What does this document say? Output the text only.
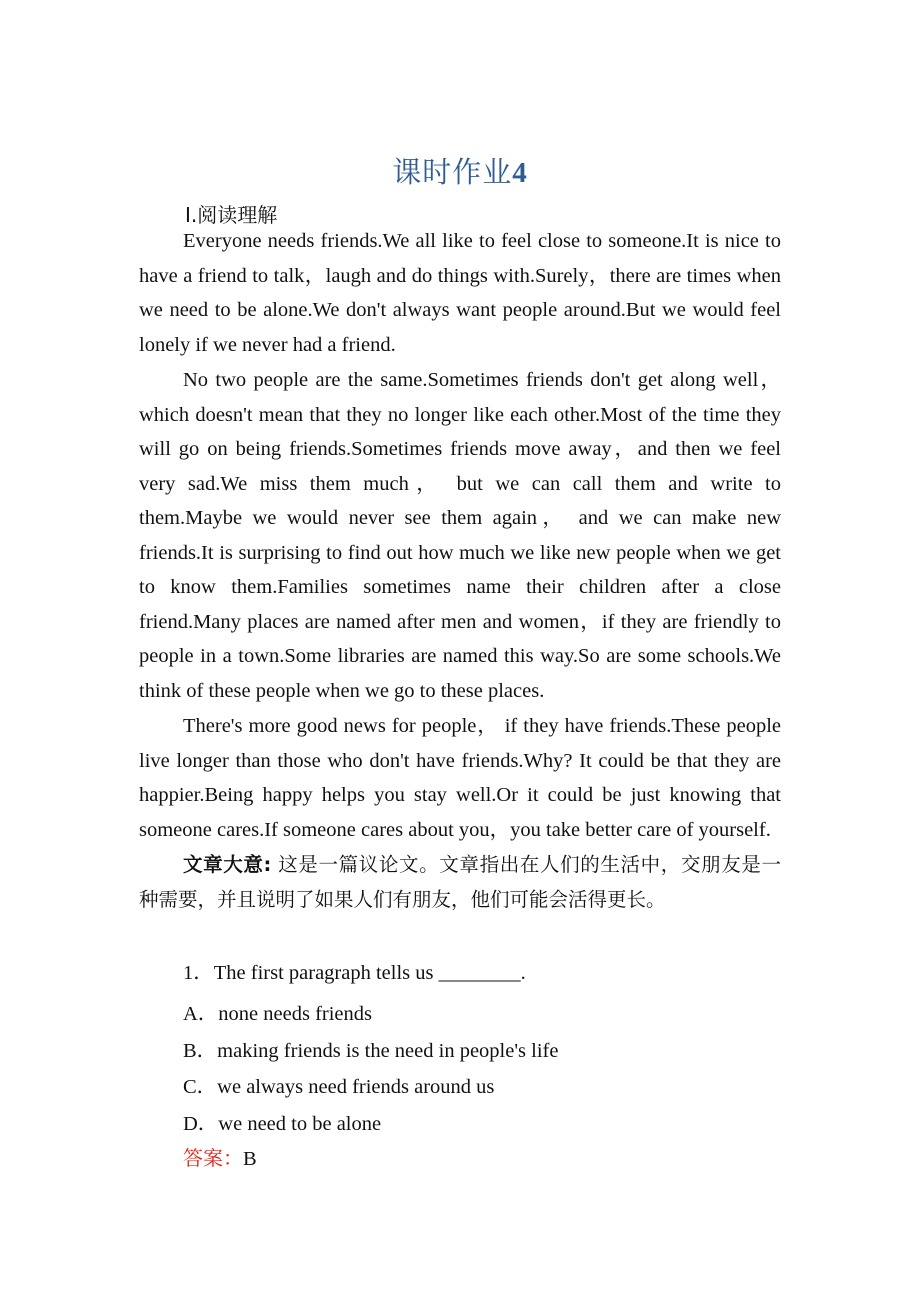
课时作业4
Ⅰ.阅读理解

Everyone needs friends.We all like to feel close to someone.It is nice to have a friend to talk，laugh and do things with.Surely，there are times when we need to be alone.We don't always want people around.But we would feel lonely if we never had a friend.

No two people are the same.Sometimes friends don't get along well，which doesn't mean that they no longer like each other.Most of the time they will go on being friends.Sometimes friends move away，and then we feel very sad.We miss them much， but we can call them and write to them.Maybe we would never see them again， and we can make new friends.It is surprising to find out how much we like new people when we get to know them.Families sometimes name their children after a close friend.Many places are named after men and women，if they are friendly to people in a town.Some libraries are named this way.So are some schools.We think of these people when we go to these places.

There's more good news for people， if they have friends.These people live longer than those who don't have friends.Why? It could be that they are happier.Being happy helps you stay well.Or it could be just knowing that someone cares.If someone cares about you，you take better care of yourself.

文章大意: 这是一篇议论文。文章指出在人们的生活中，交朋友是一种需要，并且说明了如果人们有朋友，他们可能会活得更长。

1．The first paragraph tells us ________.
A．none needs friends
B．making friends is the need in people's life
C．we always need friends around us
D．we need to be alone
答案：B
